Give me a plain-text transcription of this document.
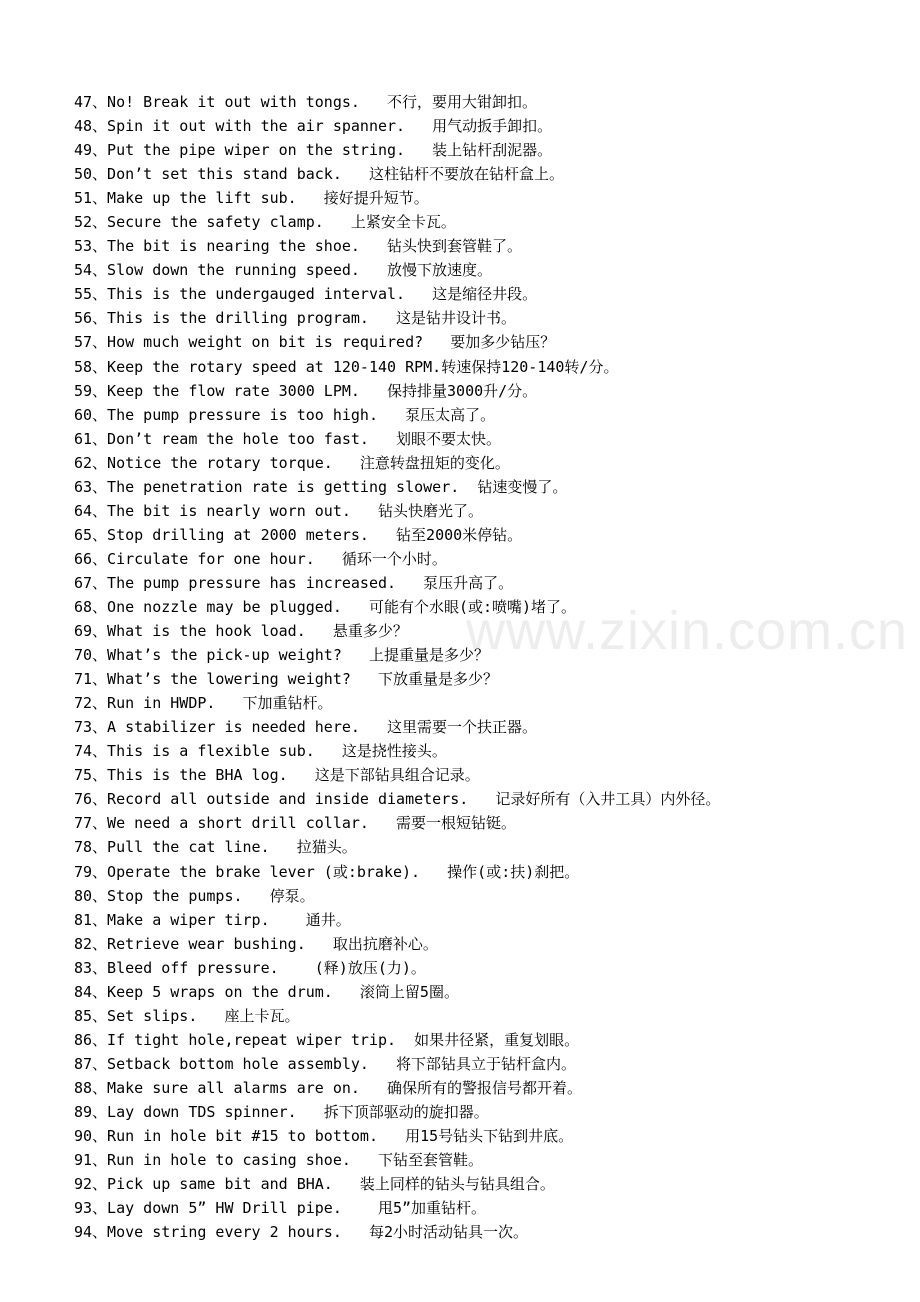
www.zixin.com.cn
47、No! Break it out with tongs.   不行，要用大钳卸扣。
48、Spin it out with the air spanner.   用气动扳手卸扣。
49、Put the pipe wiper on the string.   装上钻杆刮泥器。
50、Don’t set this stand back.   这柱钻杆不要放在钻杆盒上。
51、Make up the lift sub.   接好提升短节。
52、Secure the safety clamp.   上紧安全卡瓦。
53、The bit is nearing the shoe.   钻头快到套管鞋了。
54、Slow down the running speed.   放慢下放速度。
55、This is the undergauged interval.   这是缩径井段。
56、This is the drilling program.   这是钻井设计书。
57、How much weight on bit is required?   要加多少钻压？
58、Keep the rotary speed at 120-140 RPM.转速保持120-140转/分。
59、Keep the flow rate 3000 LPM.   保持排量3000升/分。
60、The pump pressure is too high.   泵压太高了。
61、Don’t ream the hole too fast.   划眼不要太快。
62、Notice the rotary torque.   注意转盘扭矩的变化。
63、The penetration rate is getting slower.  钻速变慢了。
64、The bit is nearly worn out.   钻头快磨光了。
65、Stop drilling at 2000 meters.   钻至2000米停钻。
66、Circulate for one hour.   循环一个小时。
67、The pump pressure has increased.   泵压升高了。
68、One nozzle may be plugged.   可能有个水眼(或:喷嘴)堵了。
69、What is the hook load.   悬重多少？
70、What’s the pick-up weight?   上提重量是多少？
71、What’s the lowering weight?   下放重量是多少？
72、Run in HWDP.   下加重钻杆。
73、A stabilizer is needed here.   这里需要一个扶正器。
74、This is a flexible sub.   这是挠性接头。
75、This is the BHA log.   这是下部钻具组合记录。
76、Record all outside and inside diameters.   记录好所有（入井工具）内外径。
77、We need a short drill collar.   需要一根短钻铤。
78、Pull the cat line.   拉猫头。
79、Operate the brake lever (或:brake).   操作(或:扶)刹把。
80、Stop the pumps.   停泵。
81、Make a wiper tirp.    通井。
82、Retrieve wear bushing.   取出抗磨补心。
83、Bleed off pressure.    (释)放压(力)。
84、Keep 5 wraps on the drum.   滚筒上留5圈。
85、Set slips.   座上卡瓦。
86、If tight hole,repeat wiper trip.  如果井径紧，重复划眼。
87、Setback bottom hole assembly.   将下部钻具立于钻杆盒内。
88、Make sure all alarms are on.   确保所有的警报信号都开着。
89、Lay down TDS spinner.   拆下顶部驱动的旋扣器。
90、Run in hole bit #15 to bottom.   用15号钻头下钻到井底。
91、Run in hole to casing shoe.   下钻至套管鞋。
92、Pick up same bit and BHA.   装上同样的钻头与钻具组合。
93、Lay down 5” HW Drill pipe.    甩5”加重钻杆。
94、Move string every 2 hours.   每2小时活动钻具一次。
